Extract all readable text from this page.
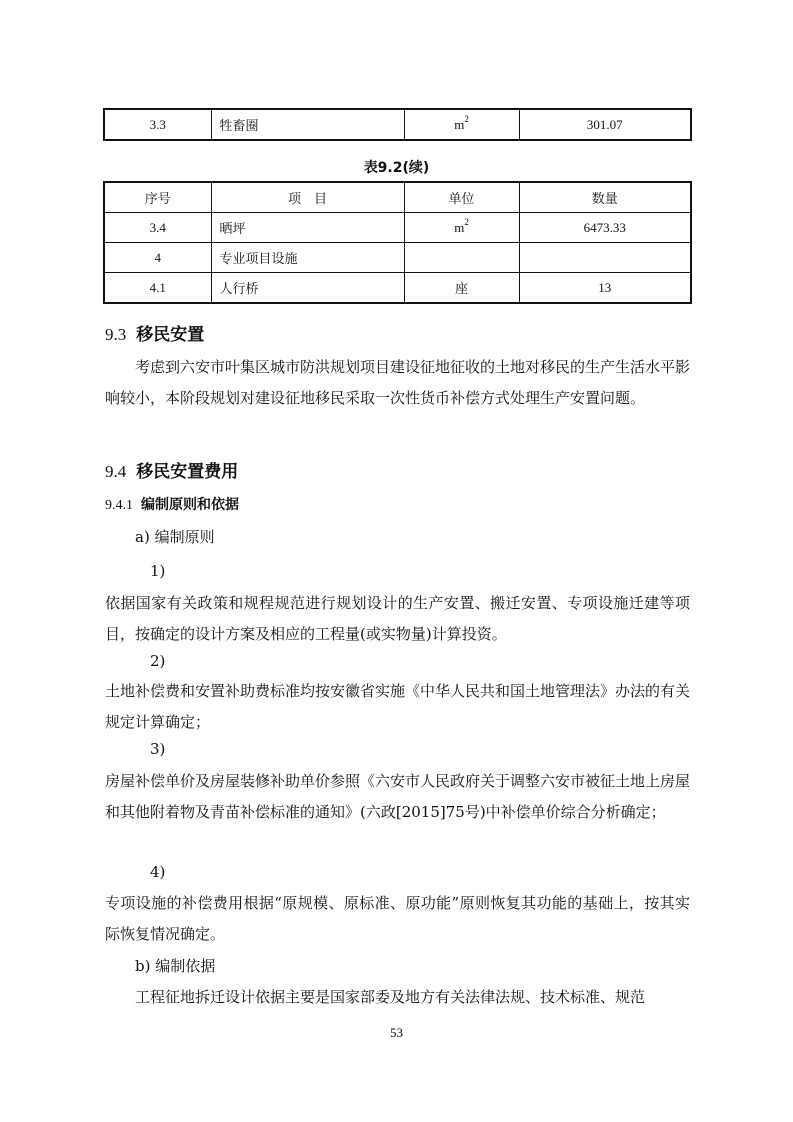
3.3	牲畜圈	$m^2$	301.07
表9.2(续)
序号	项　目	单位	数量
3.4	晒坪	$m^2$	6473.33
4	专业项目设施		
4.1	人行桥	座	13
9.3 移民安置
考虑到六安市叶集区城市防洪规划项目建设征地征收的土地对移民的生产生活水平影响较小，本阶段规划对建设征地移民采取一次性货币补偿方式处理生产安置问题。
9.4 移民安置费用
9.4.1 编制原则和依据
a) 编制原则
1)
依据国家有关政策和规程规范进行规划设计的生产安置、搬迁安置、专项设施迁建等项目，按确定的设计方案及相应的工程量(或实物量)计算投资。
2)
土地补偿费和安置补助费标准均按安徽省实施《中华人民共和国土地管理法》办法的有关规定计算确定；
3)
房屋补偿单价及房屋装修补助单价参照《六安市人民政府关于调整六安市被征土地上房屋和其他附着物及青苗补偿标准的通知》(六政[2015]75号)中补偿单价综合分析确定；
4)
专项设施的补偿费用根据“原规模、原标准、原功能”原则恢复其功能的基础上，按其实际恢复情况确定。
b) 编制依据
工程征地拆迁设计依据主要是国家部委及地方有关法律法规、技术标准、规范
53
